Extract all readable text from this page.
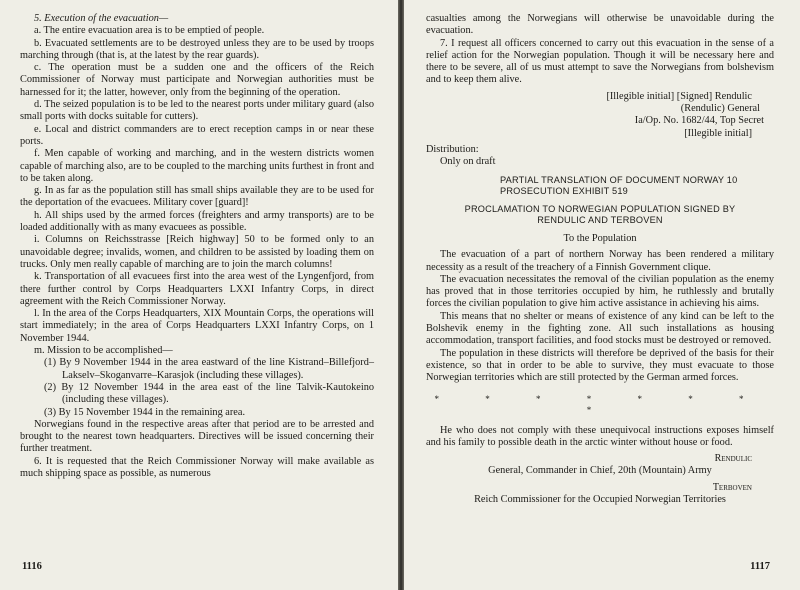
5. Execution of the evacuation—

a. The entire evacuation area is to be emptied of people.

b. Evacuated settlements are to be destroyed unless they are to be used by troops marching through (that is, at the latest by the rear guards).

c. The operation must be a sudden one and the officers of the Reich Commissioner of Norway must participate and Norwegian authorities must be harnessed for it; the latter, however, only from the beginning of the operation.

d. The seized population is to be led to the nearest ports under military guard (also small ports with docks suitable for cutters).

e. Local and district commanders are to erect reception camps in or near these ports.

f. Men capable of working and marching, and in the western districts women capable of marching also, are to be coupled to the marching units furthest in front and to be taken along.

g. In as far as the population still has small ships available they are to be used for the deportation of the evacuees. Military cover [guard]!

h. All ships used by the armed forces (freighters and army transports) are to be loaded additionally with as many evacuees as possible.

i. Columns on Reichsstrasse [Reich highway] 50 to be formed only to an unavoidable degree; invalids, women, and children to be assisted by loading them on trucks. Only men really capable of marching are to join the march columns!

k. Transportation of all evacuees first into the area west of the Lyngenfjord, from there further control by Corps Headquarters LXXI Infantry Corps, in direct agreement with the Reich Commissioner Norway.

l. In the area of the Corps Headquarters, XIX Mountain Corps, the operations will start immediately; in the area of Corps Headquarters LXXI Infantry Corps, on 1 November 1944.

m. Mission to be accomplished—

(1) By 9 November 1944 in the area eastward of the line Kistrand–Billefjord–Lakselv–Skoganvarre–Karasjok (including these villages).

(2) By 12 November 1944 in the area east of the line Talvik-Kautokeino (including these villages).

(3) By 15 November 1944 in the remaining area.

Norwegians found in the respective areas after that period are to be arrested and brought to the nearest town headquarters. Directives will be issued concerning their further treatment.

6. It is requested that the Reich Commissioner Norway will make available as much shipping space as possible, as numerous

1116

casualties among the Norwegians will otherwise be unavoidable during the evacuation.

7. I request all officers concerned to carry out this evacuation in the sense of a relief action for the Norwegian population. Though it will be necessary here and there to be severe, all of us must attempt to save the Norwegians from bolshevism and to keep them alive.

[Illegible initial] [Signed] Rendulic

(Rendulic) General

Ia/Op. No. 1682/44, Top Secret

[Illegible initial]

Distribution:

Only on draft

PARTIAL TRANSLATION OF DOCUMENT NORWAY 10

PROSECUTION EXHIBIT 519

PROCLAMATION TO NORWEGIAN POPULATION SIGNED BY

RENDULIC AND TERBOVEN

To the Population

The evacuation of a part of northern Norway has been rendered a military necessity as a result of the treachery of a Finnish Government clique.

The evacuation necessitates the removal of the civilian population as the enemy has proved that in those territories occupied by him, he ruthlessly and brutally forces the civilian population to give him active assistance in achieving his aims.

This means that no shelter or means of existence of any kind can be left to the Bolshevik enemy in the fighting zone. All such installations as housing accommodation, transport facilities, and food stocks must be destroyed or removed.

The population in these districts will therefore be deprived of the basis for their existence, so that in order to be able to survive, they must evacuate to those Norwegian territories which are still protected by the German armed forces.

* * * * * * * *

He who does not comply with these unequivocal instructions exposes himself and his family to possible death in the arctic winter without house or food.

Rendulic

General, Commander in Chief, 20th (Mountain) Army

Terboven

Reich Commissioner for the Occupied Norwegian Territories

1117
